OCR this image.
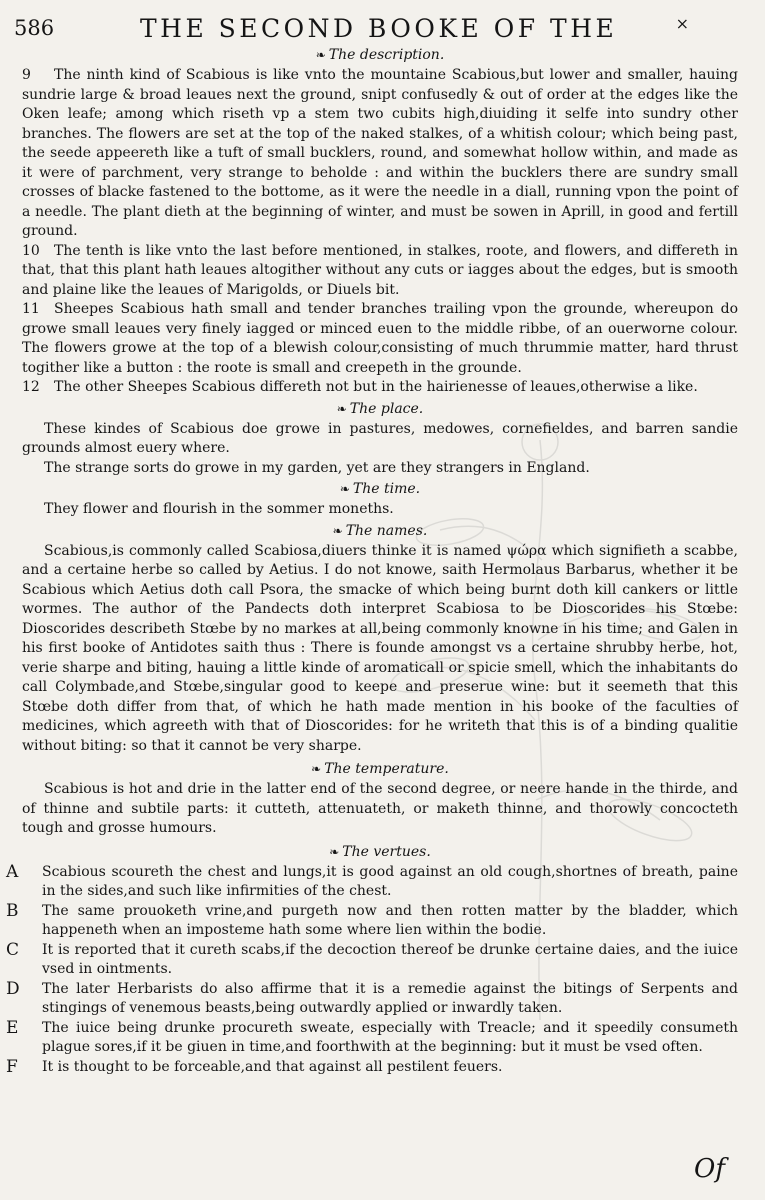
586	THE SECOND BOOKE OF THE	×
❧ The description.

9 The ninth kind of Scabious is like vnto the mountaine Scabious,but lower and smaller, hauing sundrie large & broad leaues next the ground, snipt confusedly & out of order at the edges like the Oken leafe; among which riseth vp a stem two cubits high,diuiding it selfe into sundry other branches. The flowers are set at the top of the naked stalkes, of a whitish colour; which being past, the seede appeereth like a tuft of small bucklers, round, and somewhat hollow within, and made as it were of parchment, very strange to beholde : and within the bucklers there are sundry small crosses of blacke fastened to the bottome, as it were the needle in a diall, running vpon the point of a needle. The plant dieth at the beginning of winter, and must be sowen in Aprill, in good and fertill ground.

10 The tenth is like vnto the last before mentioned, in stalkes, roote, and flowers, and differeth in that, that this plant hath leaues altogither without any cuts or iagges about the edges, but is smooth and plaine like the leaues of Marigolds, or Diuels bit.

11 Sheepes Scabious hath small and tender branches trailing vpon the grounde, whereupon do growe small leaues very finely iagged or minced euen to the middle ribbe, of an ouerworne colour. The flowers growe at the top of a blewish colour,consisting of much thrummie matter, hard thrust togither like a button : the roote is small and creepeth in the grounde.

12 The other Sheepes Scabious differeth not but in the hairienesse of leaues,otherwise a like.

❧ The place.

These kindes of Scabious doe growe in pastures, medowes, cornefieldes, and barren sandie grounds almost euery where.

The strange sorts do growe in my garden, yet are they strangers in England.

❧ The time.

They flower and flourish in the sommer moneths.

❧ The names.

Scabious,is commonly called Scabiosa,diuers thinke it is named ψώρα which signifieth a scabbe, and a certaine herbe so called by Aetius. I do not knowe, saith Hermolaus Barbarus, whether it be Scabious which Aetius doth call Psora, the smacke of which being burnt doth kill cankers or little wormes. The author of the Pandects doth interpret Scabiosa to be Dioscorides his Stœbe: Dioscorides describeth Stœbe by no markes at all,being commonly knowne in his time; and Galen in his first booke of Antidotes saith thus : There is founde amongst vs a certaine shrubby herbe, hot, verie sharpe and biting, hauing a little kinde of aromaticall or spicie smell, which the inhabitants do call Colymbade,and Stœbe,singular good to keepe and preserue wine: but it seemeth that this Stœbe doth differ from that, of which he hath made mention in his booke of the faculties of medicines, which agreeth with that of Dioscorides: for he writeth that this is of a binding qualitie without biting: so that it cannot be very sharpe.

❧ The temperature.

Scabious is hot and drie in the latter end of the second degree, or neere hande in the thirde, and of thinne and subtile parts: it cutteth, attenuateth, or maketh thinne, and thorowly concocteth tough and grosse humours.

❧ The vertues.

A	Scabious scoureth the chest and lungs,it is good against an old cough,shortnes of breath, paine in the sides,and such like infirmities of the chest.

B	The same prouoketh vrine,and purgeth now and then rotten matter by the bladder, which happeneth when an imposteme hath some where lien within the bodie.

C	It is reported that it cureth scabs,if the decoction thereof be drunke certaine daies, and the iuice vsed in ointments.

D	The later Herbarists do also affirme that it is a remedie against the bitings of Serpents and stingings of venemous beasts,being outwardly applied or inwardly taken.

E	The iuice being drunke procureth sweate, especially with Treacle; and it speedily consumeth plague sores,if it be giuen in time,and foorthwith at the beginning: but it must be vsed often.

F	It is thought to be forceable,and that against all pestilent feuers.

Of
